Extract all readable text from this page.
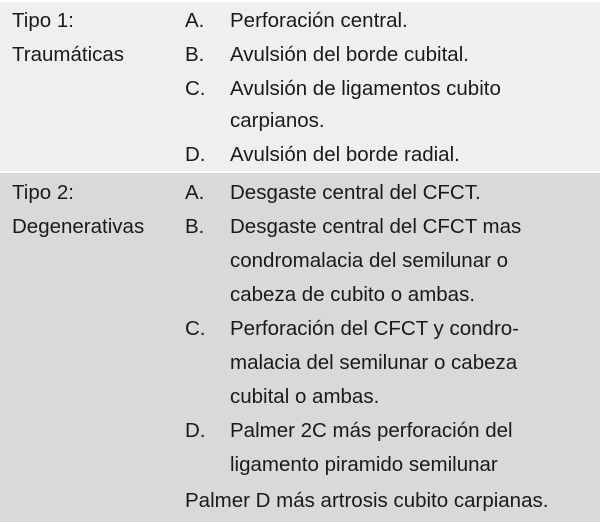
Tipo 1:
Traumáticas
A. Perforación central.
B. Avulsión del borde cubital.
C. Avulsión de ligamentos cubito
carpianos.
D. Avulsión del borde radial.
Tipo 2:
Degenerativas
A. Desgaste central del CFCT.
B. Desgaste central del CFCT mas
condromalacia del semilunar o
cabeza de cubito o ambas.
C. Perforación del CFCT y condro-
malacia del semilunar o cabeza
cubital o ambas.
D. Palmer 2C más perforación del
ligamento piramido semilunar
Palmer D más artrosis cubito carpianas.
